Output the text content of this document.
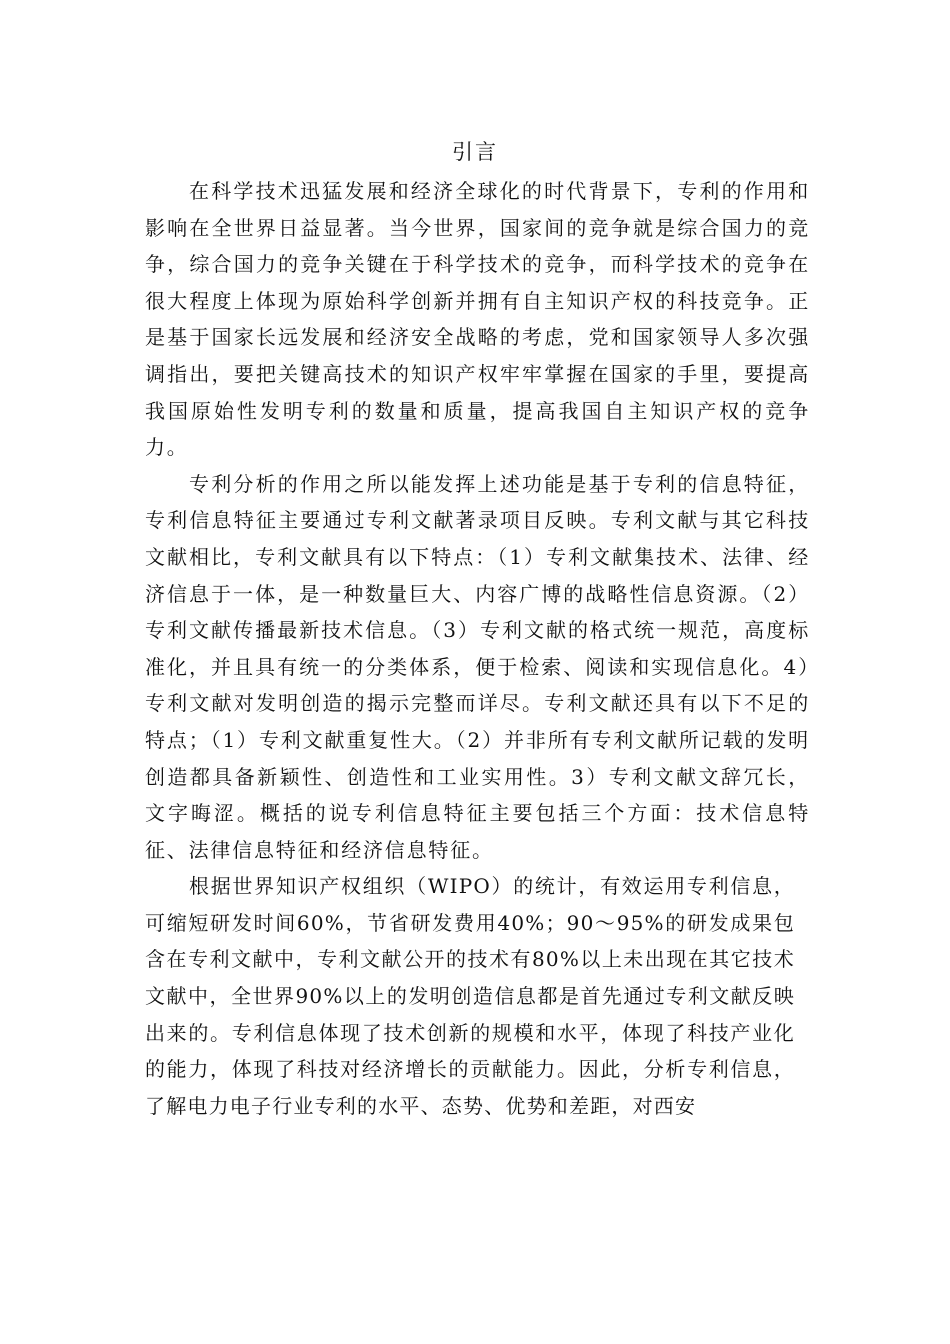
引言

在科学技术迅猛发展和经济全球化的时代背景下，专利的作用和影响在全世界日益显著。当今世界，国家间的竞争就是综合国力的竞争，综合国力的竞争关键在于科学技术的竞争，而科学技术的竞争在很大程度上体现为原始科学创新并拥有自主知识产权的科技竞争。正是基于国家长远发展和经济安全战略的考虑，党和国家领导人多次强调指出，要把关键高技术的知识产权牢牢掌握在国家的手里，要提高我国原始性发明专利的数量和质量，提高我国自主知识产权的竞争力。

专利分析的作用之所以能发挥上述功能是基于专利的信息特征，专利信息特征主要通过专利文献著录项目反映。专利文献与其它科技文献相比，专利文献具有以下特点：（1）专利文献集技术、法律、经济信息于一体，是一种数量巨大、内容广博的战略性信息资源。（2）专利文献传播最新技术信息。（3）专利文献的格式统一规范，高度标准化，并且具有统一的分类体系，便于检索、阅读和实现信息化。4）专利文献对发明创造的揭示完整而详尽。专利文献还具有以下不足的特点；（1）专利文献重复性大。（2）并非所有专利文献所记载的发明创造都具备新颖性、创造性和工业实用性。3）专利文献文辞冗长，文字晦涩。概括的说专利信息特征主要包括三个方面：技术信息特征、法律信息特征和经济信息特征。

根据世界知识产权组织（WIPO）的统计，有效运用专利信息，可缩短研发时间60%，节省研发费用40%；90～95%的研发成果包含在专利文献中，专利文献公开的技术有80%以上未出现在其它技术文献中，全世界90%以上的发明创造信息都是首先通过专利文献反映出来的。专利信息体现了技术创新的规模和水平，体现了科技产业化的能力，体现了科技对经济增长的贡献能力。因此，分析专利信息，了解电力电子行业专利的水平、态势、优势和差距，对西安
